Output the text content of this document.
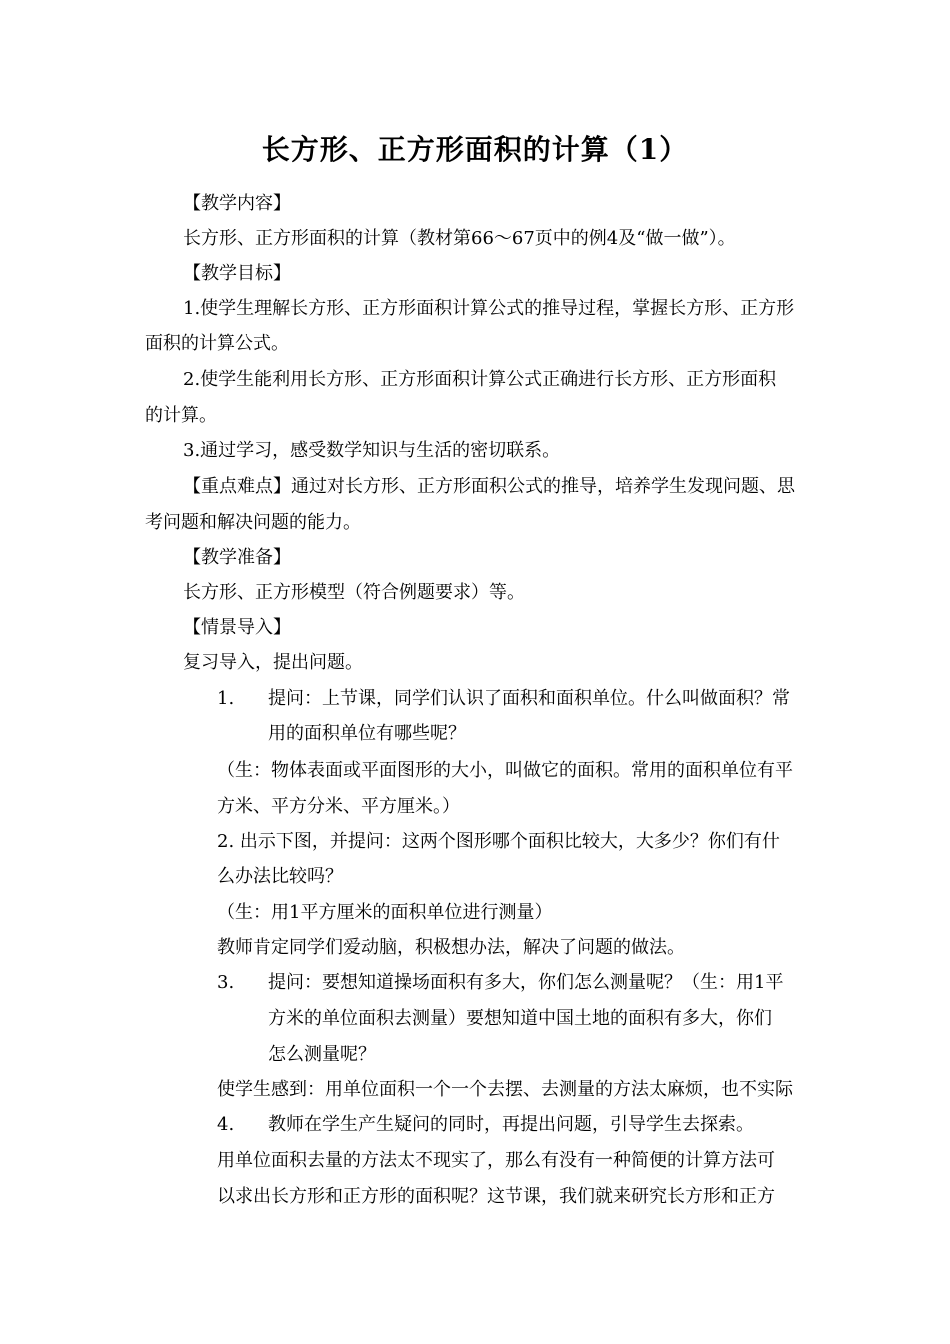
长方形、正方形面积的计算（1）
【教学内容】
长方形、正方形面积的计算（教材第66～67页中的例4及“做一做”）。
【教学目标】
1.使学生理解长方形、正方形面积计算公式的推导过程，掌握长方形、正方形
面积的计算公式。
2.使学生能利用长方形、正方形面积计算公式正确进行长方形、正方形面积
的计算。
3.通过学习，感受数学知识与生活的密切联系。
【重点难点】通过对长方形、正方形面积公式的推导，培养学生发现问题、思
考问题和解决问题的能力。
【教学准备】
长方形、正方形模型（符合例题要求）等。
【情景导入】
复习导入，提出问题。
1. 提问：上节课，同学们认识了面积和面积单位。什么叫做面积？常
用的面积单位有哪些呢？
（生：物体表面或平面图形的大小，叫做它的面积。常用的面积单位有平
方米、平方分米、平方厘米。）
2. 出示下图，并提问：这两个图形哪个面积比较大，大多少？你们有什
么办法比较吗？
（生：用1平方厘米的面积单位进行测量）
教师肯定同学们爱动脑，积极想办法，解决了问题的做法。
3. 提问：要想知道操场面积有多大，你们怎么测量呢？（生：用1平
方米的单位面积去测量）要想知道中国土地的面积有多大，你们
怎么测量呢？
使学生感到：用单位面积一个一个去摆、去测量的方法太麻烦，也不实际
4. 教师在学生产生疑问的同时，再提出问题，引导学生去探索。
用单位面积去量的方法太不现实了，那么有没有一种简便的计算方法可
以求出长方形和正方形的面积呢？这节课，我们就来研究长方形和正方
